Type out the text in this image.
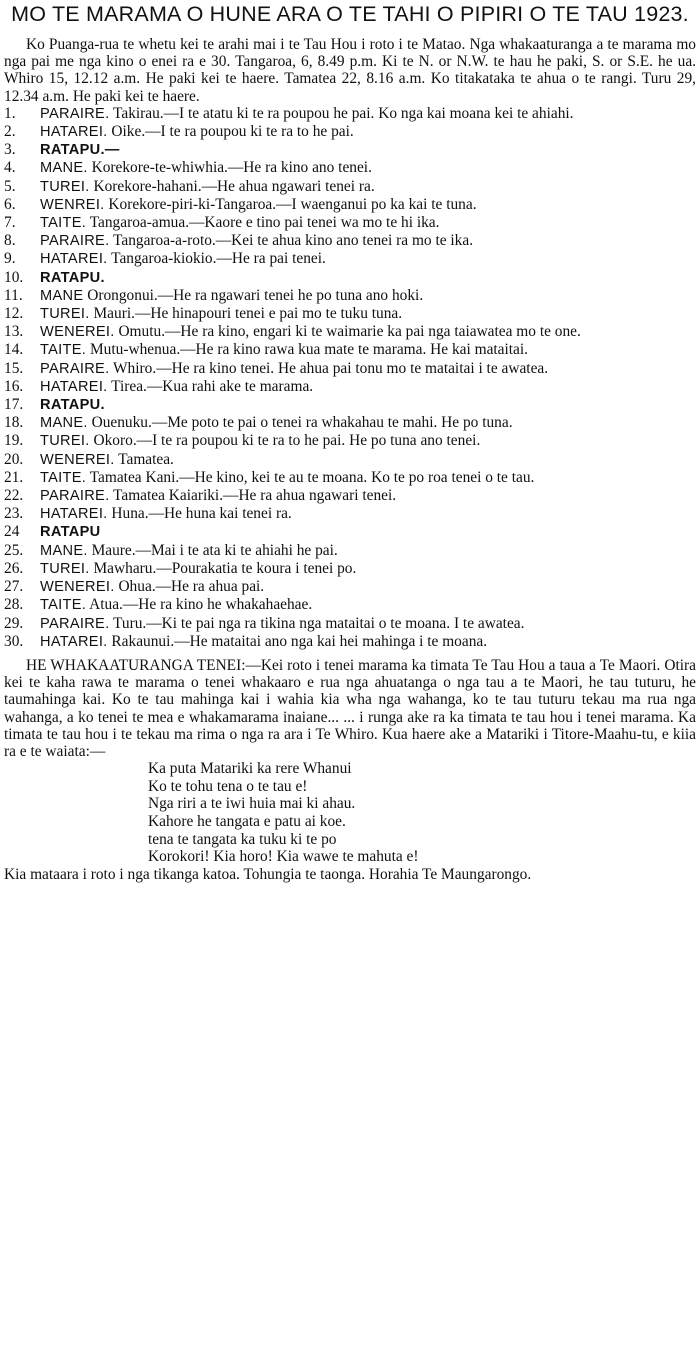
MO TE MARAMA O HUNE ARA O TE TAHI O PIPIRI O TE TAU 1923.

Ko Puanga-rua te whetu kei te arahi mai i te Tau Hou i roto i te Matao. Nga whakaaturanga a te marama mo nga pai me nga kino o enei ra e 30. Tangaroa, 6, 8.49 p.m. Ki te N. or N.W. te hau he paki, S. or S.E. he ua. Whiro 15, 12.12 a.m. He paki kei te haere. Tamatea 22, 8.16 a.m. Ko titakataka te ahua o te rangi. Turu 29, 12.34 a.m. He paki kei te haere.

1.	PARAIRE. Takirau.—I te atatu ki te ra poupou he pai. Ko nga kai moana kei te ahiahi.
2.	HATAREI. Oike.—I te ra poupou ki te ra to he pai.
3.	RATAPU.—
4.	MANE. Korekore-te-whiwhia.—He ra kino ano tenei.
5.	TUREI. Korekore-hahani.—He ahua ngawari tenei ra.
6.	WENREI. Korekore-piri-ki-Tangaroa.—I waenganui po ka kai te tuna.
7.	TAITE. Tangaroa-amua.—Kaore e tino pai tenei wa mo te hi ika.
8.	PARAIRE. Tangaroa-a-roto.—Kei te ahua kino ano tenei ra mo te ika.
9.	HATAREI. Tangaroa-kiokio.—He ra pai tenei.
10.	RATAPU.
11.	MANE Orongonui.—He ra ngawari tenei he po tuna ano hoki.
12.	TUREI. Mauri.—He hinapouri tenei e pai mo te tuku tuna.
13.	WENEREI. Omutu.—He ra kino, engari ki te waimarie ka pai nga taiawatea mo te one.
14.	TAITE. Mutu-whenua.—He ra kino rawa kua mate te marama. He kai mataitai.
15.	PARAIRE. Whiro.—He ra kino tenei. He ahua pai tonu mo te mataitai i te awatea.
16.	HATAREI. Tirea.—Kua rahi ake te marama.
17.	RATAPU.
18.	MANE. Ouenuku.—Me poto te pai o tenei ra whakahau te mahi. He po tuna.
19.	TUREI. Okoro.—I te ra poupou ki te ra to he pai. He po tuna ano tenei.
20.	WENEREI. Tamatea.
21.	TAITE. Tamatea Kani.—He kino, kei te au te moana. Ko te po roa tenei o te tau.
22.	PARAIRE. Tamatea Kaiariki.—He ra ahua ngawari tenei.
23.	HATAREI. Huna.—He huna kai tenei ra.
24	RATAPU
25.	MANE. Maure.—Mai i te ata ki te ahiahi he pai.
26.	TUREI. Mawharu.—Pourakatia te koura i tenei po.
27.	WENEREI. Ohua.—He ra ahua pai.
28.	TAITE. Atua.—He ra kino he whakahaehae.
29.	PARAIRE. Turu.—Ki te pai nga ra tikina nga mataitai o te moana. I te awatea.
30.	HATAREI. Rakaunui.—He mataitai ano nga kai hei mahinga i te moana.

HE WHAKAATURANGA TENEI:—Kei roto i tenei marama ka timata Te Tau Hou a taua a Te Maori. Otira kei te kaha rawa te marama o tenei whakaaro e rua nga ahuatanga o nga tau a te Maori, he tau tuturu, he taumahinga kai. Ko te tau mahinga kai i wahia kia wha nga wahanga, ko te tau tuturu tekau ma rua nga wahanga, a ko tenei te mea e whakamarama inaiane... ... i runga ake ra ka timata te tau hou i tenei marama. Ka timata te tau hou i te tekau ma rima o nga ra ara i Te Whiro. Kua haere ake a Matariki i Titore-Maahu-tu, e kiia ra e te waiata:—

Ka puta Matariki ka rere Whanui
Ko te tohu tena o te tau e!
Nga riri a te iwi huia mai ki ahau.
Kahore he tangata e patu ai koe.
tena te tangata ka tuku ki te po
Korokori! Kia horo! Kia wawe te mahuta e!

Kia mataara i roto i nga tikanga katoa. Tohungia te taonga. Horahia Te Maungarongo.
